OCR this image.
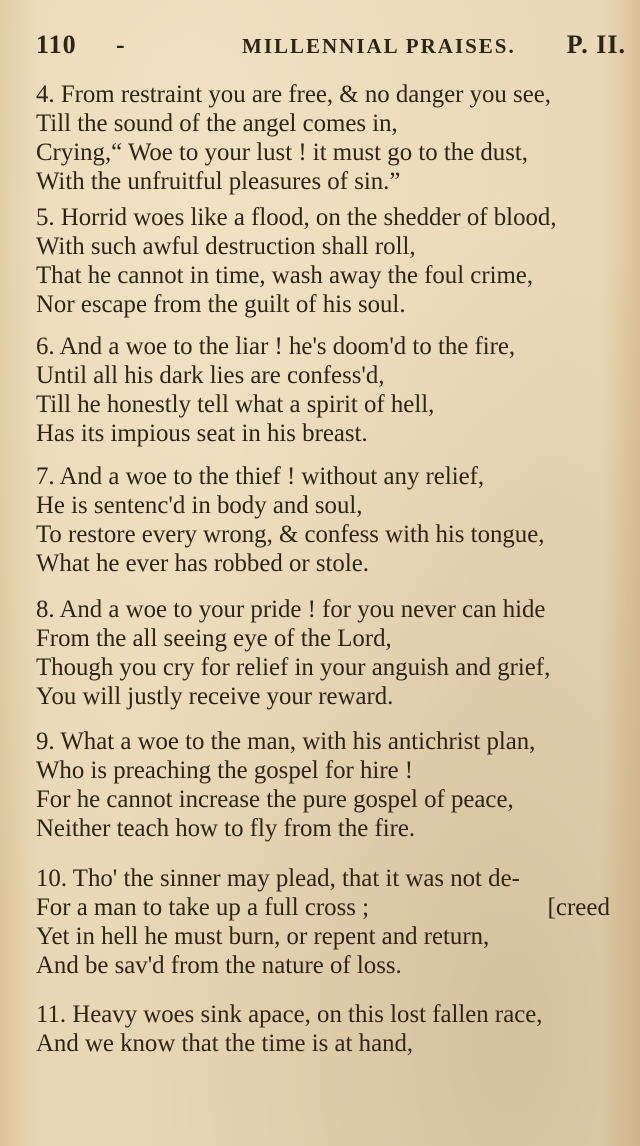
110 -	MILLENNIAL PRAISES. P. II.
4. From restraint you are free, & no danger you see,
Till the sound of the angel comes in,
Crying,“ Woe to your lust ! it must go to the dust,
With the unfruitful pleasures of sin.”
5. Horrid woes like a flood, on the shedder of blood,
With such awful destruction shall roll,
That he cannot in time, wash away the foul crime,
Nor escape from the guilt of his soul.
6. And a woe to the liar ! he's doom'd to the fire,
Until all his dark lies are confess'd,
Till he honestly tell what a spirit of hell,
Has its impious seat in his breast.
7. And a woe to the thief ! without any relief,
He is sentenc'd in body and soul,
To restore every wrong, & confess with his tongue,
What he ever has robbed or stole.
8. And a woe to your pride ! for you never can hide
From the all seeing eye of the Lord,
Though you cry for relief in your anguish and grief,
You will justly receive your reward.
9. What a woe to the man, with his antichrist plan,
Who is preaching the gospel for hire !
For he cannot increase the pure gospel of peace,
Neither teach how to fly from the fire.
10. Tho' the sinner may plead, that it was not de-
For a man to take up a full cross ;	[creed
Yet in hell he must burn, or repent and return,
And be sav'd from the nature of loss.
11. Heavy woes sink apace, on this lost fallen race,
And we know that the time is at hand,
